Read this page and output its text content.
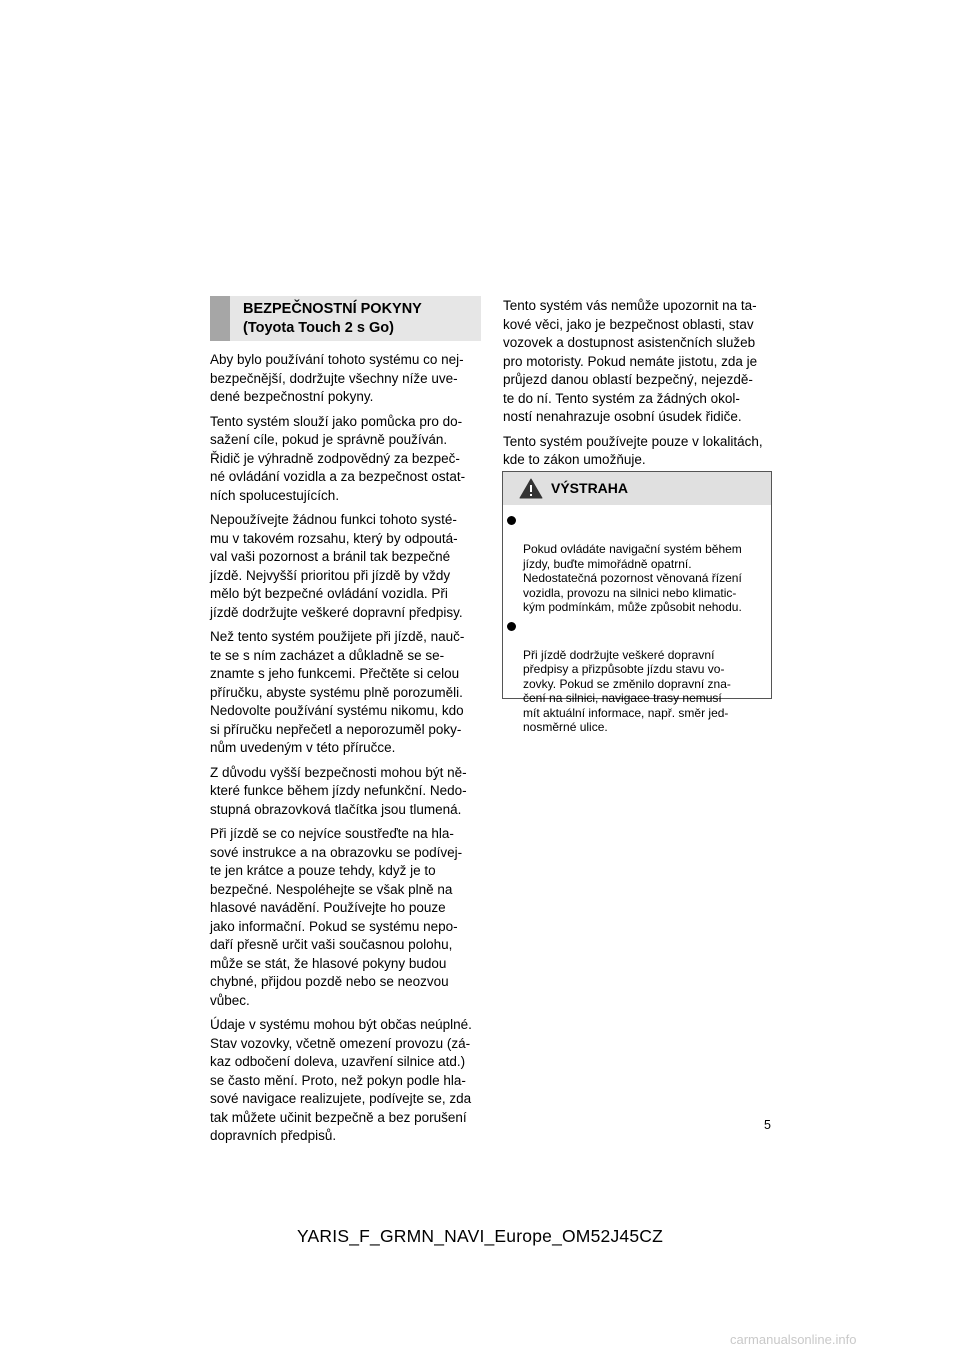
BEZPEČNOSTNÍ POKYNY
(Toyota Touch 2 s Go)

Aby bylo používání tohoto systému co nej-
bezpečnější, dodržujte všechny níže uve-
dené bezpečnostní pokyny.

Tento systém slouží jako pomůcka pro do-
sažení cíle, pokud je správně používán.
Řidič je výhradně zodpovědný za bezpeč-
né ovládání vozidla a za bezpečnost ostat-
ních spolucestujících.

Nepoužívejte žádnou funkci tohoto systé-
mu v takovém rozsahu, který by odpoutá-
val vaši pozornost a bránil tak bezpečné
jízdě. Nejvyšší prioritou při jízdě by vždy
mělo být bezpečné ovládání vozidla. Při
jízdě dodržujte veškeré dopravní předpisy.

Než tento systém použijete při jízdě, nauč-
te se s ním zacházet a důkladně se se-
znamte s jeho funkcemi. Přečtěte si celou
příručku, abyste systému plně porozuměli.
Nedovolte používání systému nikomu, kdo
si příručku nepřečetl a neporozuměl poky-
nům uvedeným v této příručce.

Z důvodu vyšší bezpečnosti mohou být ně-
které funkce během jízdy nefunkční. Nedo-
stupná obrazovková tlačítka jsou tlumená.

Při jízdě se co nejvíce soustřeďte na hla-
sové instrukce a na obrazovku se podívej-
te jen krátce a pouze tehdy, když je to
bezpečné. Nespoléhejte se však plně na
hlasové navádění. Používejte ho pouze
jako informační. Pokud se systému nepo-
daří přesně určit vaši současnou polohu,
může se stát, že hlasové pokyny budou
chybné, přijdou pozdě nebo se neozvou
vůbec.

Údaje v systému mohou být občas neúplné.
Stav vozovky, včetně omezení provozu (zá-
kaz odbočení doleva, uzavření silnice atd.)
se často mění. Proto, než pokyn podle hla-
sové navigace realizujete, podívejte se, zda
tak můžete učinit bezpečně a bez porušení
dopravních předpisů.

Tento systém vás nemůže upozornit na ta-
kové věci, jako je bezpečnost oblasti, stav
vozovek a dostupnost asistenčních služeb
pro motoristy. Pokud nemáte jistotu, zda je
průjezd danou oblastí bezpečný, nejezdě-
te do ní. Tento systém za žádných okol-
ností nenahrazuje osobní úsudek řidiče.

Tento systém používejte pouze v lokalitách,
kde to zákon umožňuje.

VÝSTRAHA

Pokud ovládáte navigační systém během
jízdy, buďte mimořádně opatrní.
Nedostatečná pozornost věnovaná řízení
vozidla, provozu na silnici nebo klimatic-
kým podmínkám, může způsobit nehodu.

Při jízdě dodržujte veškeré dopravní
předpisy a přizpůsobte jízdu stavu vo-
zovky. Pokud se změnilo dopravní zna-
čení na silnici, navigace trasy nemusí
mít aktuální informace, např. směr jed-
nosměrné ulice.

5
YARIS_F_GRMN_NAVI_Europe_OM52J45CZ
carmanualsonline.info
